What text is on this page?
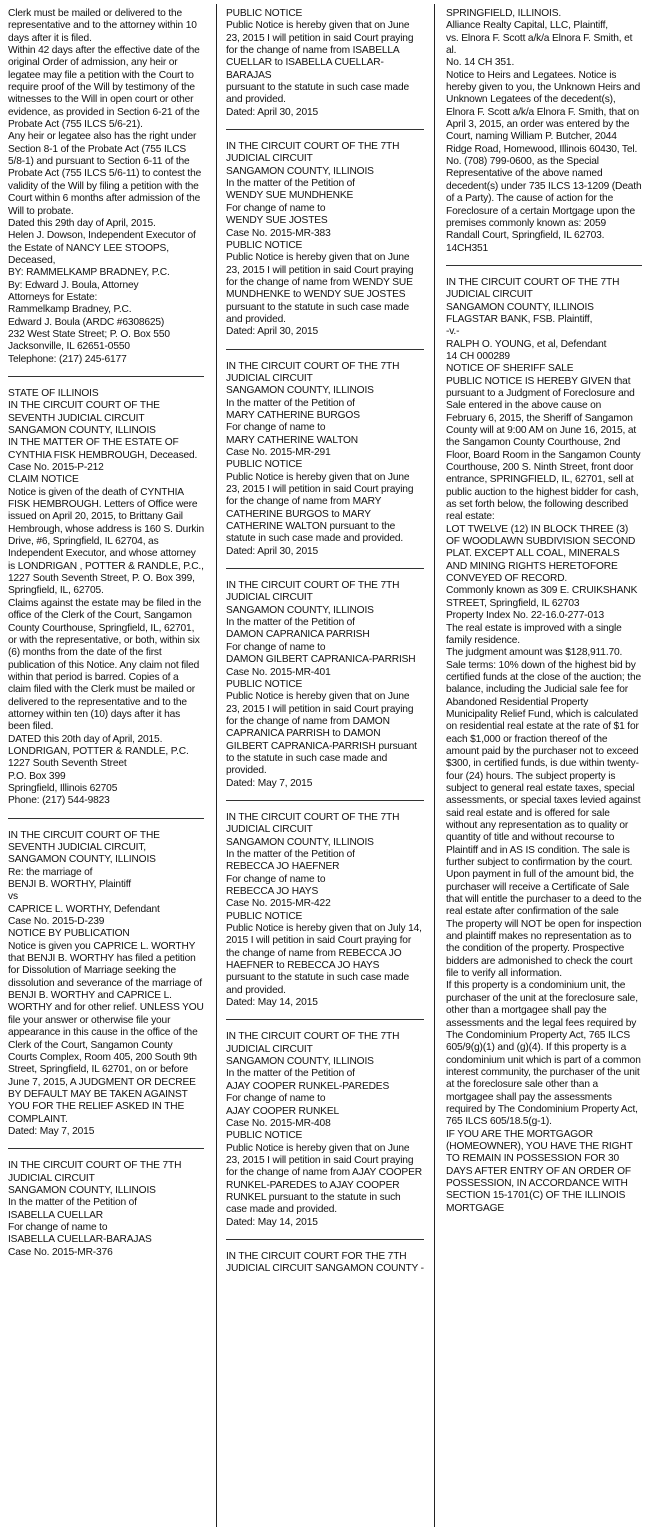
Clerk must be mailed or delivered to the representative and to the attorney within 10 days after it is filed.

Within 42 days after the effective date of the original Order of admission, any heir or legatee may file a petition with the Court to require proof of the Will by testimony of the witnesses to the Will in open court or other evidence, as provided in Section 6-21 of the Probate Act (755 ILCS 5/6-21).

Any heir or legatee also has the right under Section 8-1 of the Probate Act (755 ILCS 5/8-1) and pursuant to Section 6-11 of the Probate Act (755 ILCS 5/6-11) to contest the validity of the Will by filing a petition with the Court within 6 months after admission of the Will to probate.

Dated this 29th day of April, 2015.

Helen J. Dowson, Independent Executor of the Estate of NANCY LEE STOOPS, Deceased,

BY: RAMMELKAMP BRADNEY, P.C.

By: Edward J. Boula, Attorney

Attorneys for Estate:

Rammelkamp Bradney, P.C.

Edward J. Boula (ARDC #6308625)

232 West State Street; P. O. Box 550

Jacksonville, IL 62651-0550

Telephone: (217) 245-6177

STATE OF ILLINOIS

IN THE CIRCUIT COURT OF THE SEVENTH JUDICIAL CIRCUIT SANGAMON COUNTY, ILLINOIS

IN THE MATTER OF THE ESTATE OF CYNTHIA FISK HEMBROUGH, Deceased.

Case No. 2015-P-212

CLAIM NOTICE

Notice is given of the death of CYNTHIA FISK HEMBROUGH. Letters of Office were issued on April 20, 2015, to Brittany Gail Hembrough, whose address is 160 S. Durkin Drive, #6, Springfield, IL 62704, as Independent Executor, and whose attorney is LONDRIGAN , POTTER & RANDLE, P.C., 1227 South Seventh Street, P. O. Box 399, Springfield, IL, 62705.

Claims against the estate may be filed in the office of the Clerk of the Court, Sangamon County Courthouse, Springfield, IL, 62701, or with the representative, or both, within six (6) months from the date of the first publication of this Notice. Any claim not filed within that period is barred. Copies of a claim filed with the Clerk must be mailed or delivered to the representative and to the attorney within ten (10) days after it has been filed.

DATED this 20th day of April, 2015.

LONDRIGAN, POTTER & RANDLE, P.C.

1227 South Seventh Street

P.O. Box 399

Springfield, Illinois 62705

Phone: (217) 544-9823

IN THE CIRCUIT COURT OF THE SEVENTH JUDICIAL CIRCUIT, SANGAMON COUNTY, ILLINOIS

Re: the marriage of

BENJI B. WORTHY, Plaintiff

vs

CAPRICE L. WORTHY, Defendant

Case No. 2015-D-239

NOTICE BY PUBLICATION

Notice is given you CAPRICE L. WORTHY that BENJI B. WORTHY has filed a petition for Dissolution of Marriage seeking the dissolution and severance of the marriage of BENJI B. WORTHY and CAPRICE L. WORTHY and for other relief. UNLESS YOU file your answer or otherwise file your appearance in this cause in the office of the Clerk of the Court, Sangamon County Courts Complex, Room 405, 200 South 9th Street, Springfield, IL 62701, on or before June 7, 2015, A JUDGMENT OR DECREE BY DEFAULT MAY BE TAKEN AGAINST YOU FOR THE RELIEF ASKED IN THE COMPLAINT.

Dated: May 7, 2015

IN THE CIRCUIT COURT OF THE 7TH JUDICIAL CIRCUIT

SANGAMON COUNTY, ILLINOIS

In the matter of the Petition of

ISABELLA CUELLAR

For change of name to

ISABELLA CUELLAR-BARAJAS

Case No. 2015-MR-376

PUBLIC NOTICE

Public Notice is hereby given that on June 23, 2015 I will petition in said Court praying for the change of name from ISABELLA CUELLAR to ISABELLA CUELLAR-BARAJAS

pursuant to the statute in such case made and provided.

Dated: April 30, 2015

IN THE CIRCUIT COURT OF THE 7TH JUDICIAL CIRCUIT

SANGAMON COUNTY, ILLINOIS

In the matter of the Petition of

WENDY SUE MUNDHENKE

For change of name to

WENDY SUE JOSTES

Case No. 2015-MR-383

PUBLIC NOTICE

Public Notice is hereby given that on June 23, 2015 I will petition in said Court praying for the change of name from WENDY SUE MUNDHENKE to WENDY SUE JOSTES pursuant to the statute in such case made and provided.

Dated: April 30, 2015

IN THE CIRCUIT COURT OF THE 7TH JUDICIAL CIRCUIT

SANGAMON COUNTY, ILLINOIS

In the matter of the Petition of

MARY CATHERINE BURGOS

For change of name to

MARY CATHERINE WALTON

Case No. 2015-MR-291

PUBLIC NOTICE

Public Notice is hereby given that on June 23, 2015 I will petition in said Court praying for the change of name from MARY CATHERINE BURGOS to MARY CATHERINE WALTON pursuant to the statute in such case made and provided.

Dated: April 30, 2015

IN THE CIRCUIT COURT OF THE 7TH JUDICIAL CIRCUIT

SANGAMON COUNTY, ILLINOIS

In the matter of the Petition of

DAMON CAPRANICA PARRISH

For change of name to

DAMON GILBERT CAPRANICA-PARRISH

Case No. 2015-MR-401

PUBLIC NOTICE

Public Notice is hereby given that on June 23, 2015 I will petition in said Court praying for the change of name from DAMON CAPRANICA PARRISH to DAMON GILBERT CAPRANICA-PARRISH pursuant to the statute in such case made and provided.

Dated: May 7, 2015

IN THE CIRCUIT COURT OF THE 7TH JUDICIAL CIRCUIT

SANGAMON COUNTY, ILLINOIS

In the matter of the Petition of

REBECCA JO HAEFNER

For change of name to

REBECCA JO HAYS

Case No. 2015-MR-422

PUBLIC NOTICE

Public Notice is hereby given that on July 14, 2015 I will petition in said Court praying for the change of name from REBECCA JO HAEFNER to REBECCA JO HAYS

pursuant to the statute in such case made and provided.

Dated: May 14, 2015

IN THE CIRCUIT COURT OF THE 7TH JUDICIAL CIRCUIT

SANGAMON COUNTY, ILLINOIS

In the matter of the Petition of

AJAY COOPER RUNKEL-PAREDES

For change of name to

AJAY COOPER RUNKEL

Case No. 2015-MR-408

PUBLIC NOTICE

Public Notice is hereby given that on June 23, 2015 I will petition in said Court praying for the change of name from AJAY COOPER RUNKEL-PAREDES to AJAY COOPER RUNKEL pursuant to the statute in such case made and provided.

Dated: May 14, 2015

IN THE CIRCUIT COURT FOR THE 7TH JUDICIAL CIRCUIT SANGAMON COUNTY -

SPRINGFIELD, ILLINOIS.

Alliance Realty Capital, LLC, Plaintiff,

vs. Elnora F. Scott a/k/a Elnora F. Smith, et al.

No. 14 CH 351.

Notice to Heirs and Legatees. Notice is hereby given to you, the Unknown Heirs and Unknown Legatees of the decedent(s), Elnora F. Scott a/k/a Elnora F. Smith, that on April 3, 2015, an order was entered by the Court, naming William P. Butcher, 2044 Ridge Road, Homewood, Illinois 60430, Tel. No. (708) 799-0600, as the Special Representative of the above named decedent(s) under 735 ILCS 13-1209 (Death of a Party). The cause of action for the Foreclosure of a certain Mortgage upon the premises commonly known as: 2059 Randall Court, Springfield, IL 62703.

14CH351

IN THE CIRCUIT COURT OF THE 7TH JUDICIAL CIRCUIT

SANGAMON COUNTY, ILLINOIS

FLAGSTAR BANK, FSB. Plaintiff,

-v.-

RALPH O. YOUNG, et al, Defendant

14 CH 000289

NOTICE OF SHERIFF SALE

PUBLIC NOTICE IS HEREBY GIVEN that pursuant to a Judgment of Foreclosure and Sale entered in the above cause on February 6, 2015, the Sheriff of Sangamon County will at 9:00 AM on June 16, 2015, at the Sangamon County Courthouse, 2nd Floor, Board Room in the Sangamon County Courthouse, 200 S. Ninth Street, front door entrance, SPRINGFIELD, IL, 62701, sell at public auction to the highest bidder for cash, as set forth below, the following described real estate:

LOT TWELVE (12) IN BLOCK THREE (3) OF WOODLAWN SUBDIVISION SECOND PLAT. EXCEPT ALL COAL, MINERALS AND MINING RIGHTS HERETOFORE CONVEYED OF RECORD.

Commonly known as 309 E. CRUIKSHANK STREET, Springfield, IL 62703

Property Index No. 22-16.0-277-013

The real estate is improved with a single family residence.

The judgment amount was $128,911.70. Sale terms: 10% down of the highest bid by certified funds at the close of the auction; the balance, including the Judicial sale fee for Abandoned Residential Property Municipality Relief Fund, which is calculated on residential real estate at the rate of $1 for each $1,000 or fraction thereof of the amount paid by the purchaser not to exceed $300, in certified funds, is due within twenty-four (24) hours. The subject property is subject to general real estate taxes, special assessments, or special taxes levied against said real estate and is offered for sale without any representation as to quality or quantity of title and without recourse to Plaintiff and in AS IS condition. The sale is further subject to confirmation by the court.

Upon payment in full of the amount bid, the purchaser will receive a Certificate of Sale that will entitle the purchaser to a deed to the real estate after confirmation of the sale

The property will NOT be open for inspection and plaintiff makes no representation as to the condition of the property. Prospective bidders are admonished to check the court file to verify all information.

If this property is a condominium unit, the purchaser of the unit at the foreclosure sale, other than a mortgagee shall pay the assessments and the legal fees required by The Condominium Property Act, 765 ILCS 605/9(g)(1) and (g)(4). If this property is a condominium unit which is part of a common interest community, the purchaser of the unit at the foreclosure sale other than a mortgagee shall pay the assessments required by The Condominium Property Act, 765 ILCS 605/18.5(g-1).

IF YOU ARE THE MORTGAGOR (HOMEOWNER), YOU HAVE THE RIGHT TO REMAIN IN POSSESSION FOR 30 DAYS AFTER ENTRY OF AN ORDER OF POSSESSION, IN ACCORDANCE WITH SECTION 15-1701(C) OF THE ILLINOIS MORTGAGE
